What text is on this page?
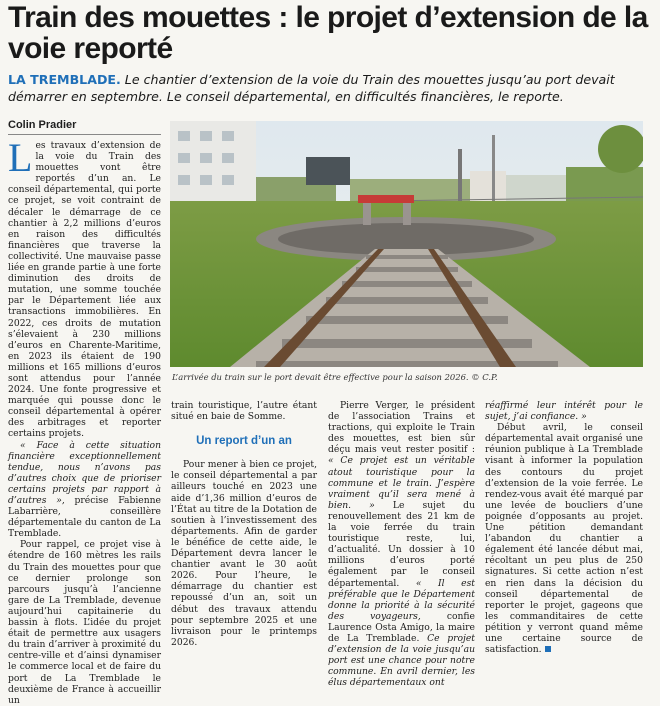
Train des mouettes : le projet d’extension de la voie reporté

LA TREMBLADE. Le chantier d’extension de la voie du Train des mouettes jusqu’au port devait démarrer en septembre. Le conseil départemental, en difficultés financières, le reporte.

Colin Pradier

Les travaux d’extension de la voie du Train des mouettes vont être reportés d’un an. Le conseil départemental, qui porte ce projet, se voit contraint de décaler le démarrage de ce chantier à 2,2 millions d’euros en raison des difficultés financières que traverse la collectivité. Une mauvaise passe liée en grande partie à une forte diminution des droits de mutation, une somme touchée par le Département liée aux transactions immobilières. En 2022, ces droits de mutation s’élevaient à 230 millions d’euros en Charente-Maritime, en 2023 ils étaient de 190 millions et 165 millions d’euros sont attendus pour l’année 2024. Une fonte progressive et marquée qui pousse donc le conseil départemental à opérer des arbitrages et reporter certains projets.

« Face à cette situation financière exceptionnellement tendue, nous n’avons pas d’autres choix que de prioriser certains projets par rapport à d’autres », précise Fabienne Labarrière, conseillère départementale du canton de La Tremblade.

Pour rappel, ce projet vise à étendre de 160 mètres les rails du Train des mouettes pour que ce dernier prolonge son parcours jusqu’à l’ancienne gare de La Tremblade, devenue aujourd’hui capitainerie du bassin à flots. L’idée du projet était de permettre aux usagers du train d’arriver à proximité du centre-ville et d’ainsi dynamiser le commerce local et de faire du port de La Tremblade le deuxième de France à accueillir un

L’arrivée du train sur le port devait être effective pour la saison 2026. © C.P.

train touristique, l’autre étant situé en baie de Somme.

Un report d’un an

Pour mener à bien ce projet, le conseil départemental a par ailleurs touché en 2023 une aide d’1,36 million d’euros de l’État au titre de la Dotation de soutien à l’investissement des départements. Afin de garder le bénéfice de cette aide, le Département devra lancer le chantier avant le 30 août 2026. Pour l’heure, le démarrage du chantier est repoussé d’un an, soit un début des travaux attendu pour septembre 2025 et une livraison pour le printemps 2026.

Pierre Verger, le président de l’association Trains et tractions, qui exploite le Train des mouettes, est bien sûr déçu mais veut rester positif : « Ce projet est un véritable atout touristique pour la commune et le train. J’espère vraiment qu’il sera mené à bien. » Le sujet du renouvellement des 21 km de la voie ferrée du train touristique reste, lui, d’actualité. Un dossier à 10 millions d’euros porté également par le conseil départemental. « Il est préférable que le Département donne la priorité à la sécurité des voyageurs, confie Laurence Osta Amigo, la maire de La Tremblade. Ce projet d’extension de la voie jusqu’au port est une chance pour notre commune. En avril dernier, les élus départementaux ont

réaffirmé leur intérêt pour le sujet, j’ai confiance. »

Début avril, le conseil départemental avait organisé une réunion publique à La Tremblade visant à informer la population des contours du projet d’extension de la voie ferrée. Le rendez-vous avait été marqué par une levée de boucliers d’une poignée d’opposants au projet. Une pétition demandant l’abandon du chantier a également été lancée début mai, récoltant un peu plus de 250 signatures. Si cette action n’est en rien dans la décision du conseil départemental de reporter le projet, gageons que les commanditaires de cette pétition y verront quand même une certaine source de satisfaction.
